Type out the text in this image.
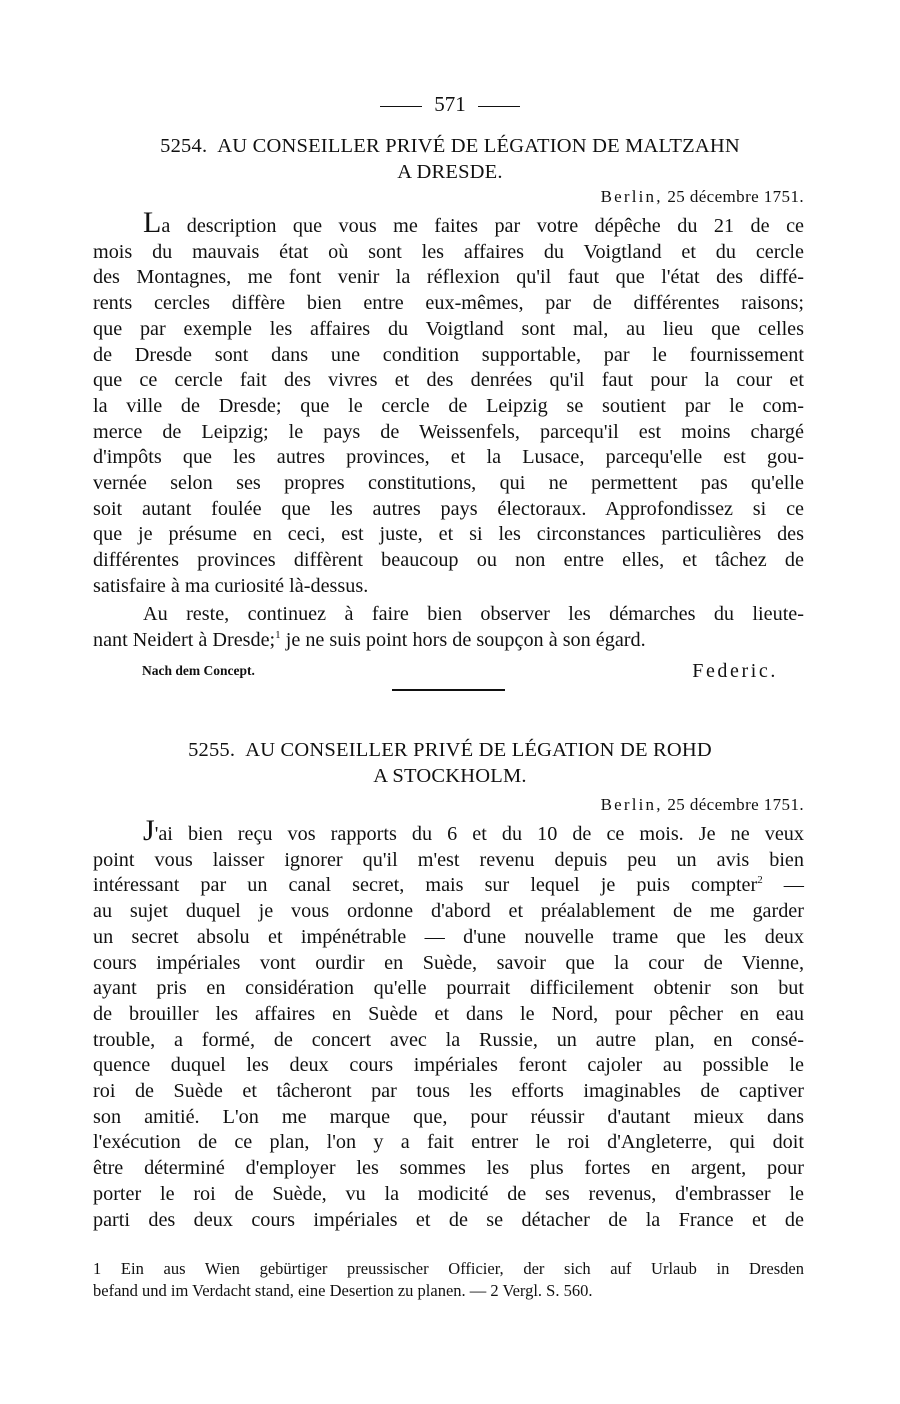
571
5254. AU CONSEILLER PRIVÉ DE LÉGATION DE MALTZAHN
A DRESDE.
Berlin, 25 décembre 1751.
La description que vous me faites par votre dépêche du 21 de ce
mois du mauvais état où sont les affaires du Voigtland et du cercle
des Montagnes, me font venir la réflexion qu'il faut que l'état des diffé-
rents cercles diffère bien entre eux-mêmes, par de différentes raisons;
que par exemple les affaires du Voigtland sont mal, au lieu que celles
de Dresde sont dans une condition supportable, par le fournissement
que ce cercle fait des vivres et des denrées qu'il faut pour la cour et
la ville de Dresde; que le cercle de Leipzig se soutient par le com-
merce de Leipzig; le pays de Weissenfels, parcequ'il est moins chargé
d'impôts que les autres provinces, et la Lusace, parcequ'elle est gou-
vernée selon ses propres constitutions, qui ne permettent pas qu'elle
soit autant foulée que les autres pays électoraux. Approfondissez si ce
que je présume en ceci, est juste, et si les circonstances particulières des
différentes provinces diffèrent beaucoup ou non entre elles, et tâchez de
satisfaire à ma curiosité là-dessus.
Au reste, continuez à faire bien observer les démarches du lieute-
nant Neidert à Dresde;$^1$ je ne suis point hors de soupçon à son égard.
Nach dem Concept.	Federic.
5255. AU CONSEILLER PRIVÉ DE LÉGATION DE ROHD
A STOCKHOLM.
Berlin, 25 décembre 1751.
J'ai bien reçu vos rapports du 6 et du 10 de ce mois. Je ne veux
point vous laisser ignorer qu'il m'est revenu depuis peu un avis bien
intéressant par un canal secret, mais sur lequel je puis compter$^2$ —
au sujet duquel je vous ordonne d'abord et préalablement de me garder
un secret absolu et impénétrable — d'une nouvelle trame que les deux
cours impériales vont ourdir en Suède, savoir que la cour de Vienne,
ayant pris en considération qu'elle pourrait difficilement obtenir son but
de brouiller les affaires en Suède et dans le Nord, pour pêcher en eau
trouble, a formé, de concert avec la Russie, un autre plan, en consé-
quence duquel les deux cours impériales feront cajoler au possible le
roi de Suède et tâcheront par tous les efforts imaginables de captiver
son amitié. L'on me marque que, pour réussir d'autant mieux dans
l'exécution de ce plan, l'on y a fait entrer le roi d'Angleterre, qui doit
être déterminé d'employer les sommes les plus fortes en argent, pour
porter le roi de Suède, vu la modicité de ses revenus, d'embrasser le
parti des deux cours impériales et de se détacher de la France et de
1 Ein aus Wien gebürtiger preussischer Officier, der sich auf Urlaub in Dresden
befand und im Verdacht stand, eine Desertion zu planen. — 2 Vergl. S. 560.
